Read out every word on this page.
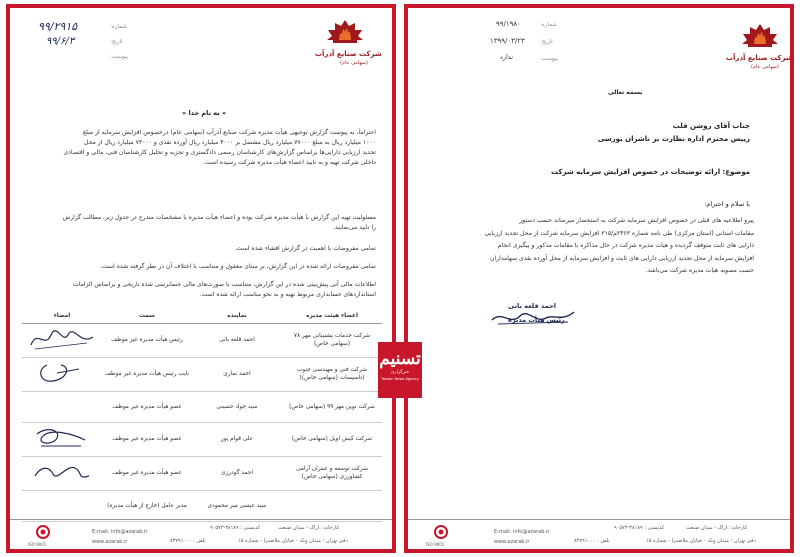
شرکت صنایع آذرآب
(سهامی عام)
شماره:
تاریخ:
پیوست:
۹۹/۲۹۱۵
۹۹/۶/۳
« به نام خدا »
احتراماً، به پیوست گزارش توجیهی هیأت مدیره شرکت صنایع آذرآب (سهامی عام) درخصوص افزایش سرمایه از مبلغ
۱۰۰۰ میلیارد ریال به مبلغ ۷۷۰۰۰ میلیارد ریال مشتمل بر ۴۰۰۰ میلیارد ریال آورده نقدی و ۷۳۰۰۰ میلیارد ریال از محل
تجدید ارزیابی دارایی‌ها براساس گزارش‌های کارشناسان رسمی دادگستری و تجزیه و تحلیل کارشناسان فنی، مالی و اقتصادی
داخلی شرکت تهیه و به تایید اعضاء هیأت مدیره شرکت رسیده است.
مسئولیت تهیه این گزارش با هیأت مدیره شرکت بوده و اعضاء هیأت مدیره با مشخصات مندرج در جدول زیر، مطالب گزارش
را تایید می‌نمایند.
تمامی مفروضات با اهمیت در گزارش افشاء شده است.
تمامی مفروضات ارائه شده در این گزارش، بر مبنای معقول و متناسب با اختلاف آن در نظر گرفته شده است.
اطلاعات مالی آتی پیش‌بینی شده در این گزارش، متناسب با صورت‌های مالی حسابرسی شده تاریخی و براساس الزامات
استانداردهای حسابداری مربوط تهیه و به نحو مناسب ارائه شده است.
اعضاء هیئت مدیره	نماینده	سمت	امضاء
شرکت خدمات پشتیبانی مهر ۷۸ (سهامی خاص)	احمد قلعه بانی	رئیس هیأت مدیره غیر موظف	
شرکت فنی و مهندسی جنوب (تاسیسات (سهامی خاص))	احمد نمازی	نایب رئیس هیأت مدیره غیر موظف	
شرکت نوین مهر ۹۹ (سهامی خاص)	سید جواد حسینی	عضو هیأت مدیره غیر موظف	
شرکت کیش اویل (سهامی خاص)	علی قوام پور	عضو هیأت مدیره غیر موظف	
شرکت توسعه و عمران آرامی کشاورزی (سهامی خاص)	احمد گودرزی	عضو هیأت مدیره غیر موظف	
	سید عیسی میر محمودی	مدیر عامل (خارج از هیأت مدیره)	
ISO 9001
کارخانه : اراک - میدان صنعت
دفتر تهران : میدان ونک - خیابان ملاصدرا - شماره ۱۵
کدپستی : ۳۸۱۸۹-۹۰۵۷۳
تلفن : ۸۳۷۹۱۰۰۰
E-mail: info@azarab.ir
www.azarab.ir
شرکت صنایع آذرآب
(سهامی عام)
شماره:
تاریخ:
پیوست:
۹۹/۱۹۸۰
۱۳۹۹/۰۳/۲۳
ندارد
بسمه تعالی
جناب آقای روشن قلب
رییس محترم اداره نظارت بر ناشران بورسی
موضوع: ارائه توضیحات در خصوص افزایش سرمایه شرکت
با سلام و احترام:
پیرو اطلاعیه های قبلی در خصوص افزایش سرمایه شرکت به استحضار میرساند حسب دستور
مقامات استانی (استان مرکزی) طی نامه شماره ۲۴۶۳م/۳۱۵ افزایش سرمایه شرکت از محل تجدید ارزیابی
دارایی های ثابت متوقف گردیده و هیات مدیره شرکت در حال مذاکره با مقامات مذکور و پیگیری انجام
افزایش سرمایه از محل تجدید ارزیابی دارایی های ثابت و افزایش سرمایه از محل آورده نقدی سهامداران
حسب مصوبه هیات مدیره شرکت می‌باشد.
احمد قلعه بانی
رئیس هیأت مدیره
ISO 9001
کارخانه : اراک - میدان صنعت
دفتر تهران : میدان ونک - خیابان ملاصدرا - شماره ۱۵
کدپستی : ۳۸۱۸۹-۹۰۵۷۳
تلفن : ۸۳۷۹۱۰۰۰
E-mail: info@azarab.ir
www.azarab.ir
تسنیم
خبرگزاری
Tasnim News Agency
